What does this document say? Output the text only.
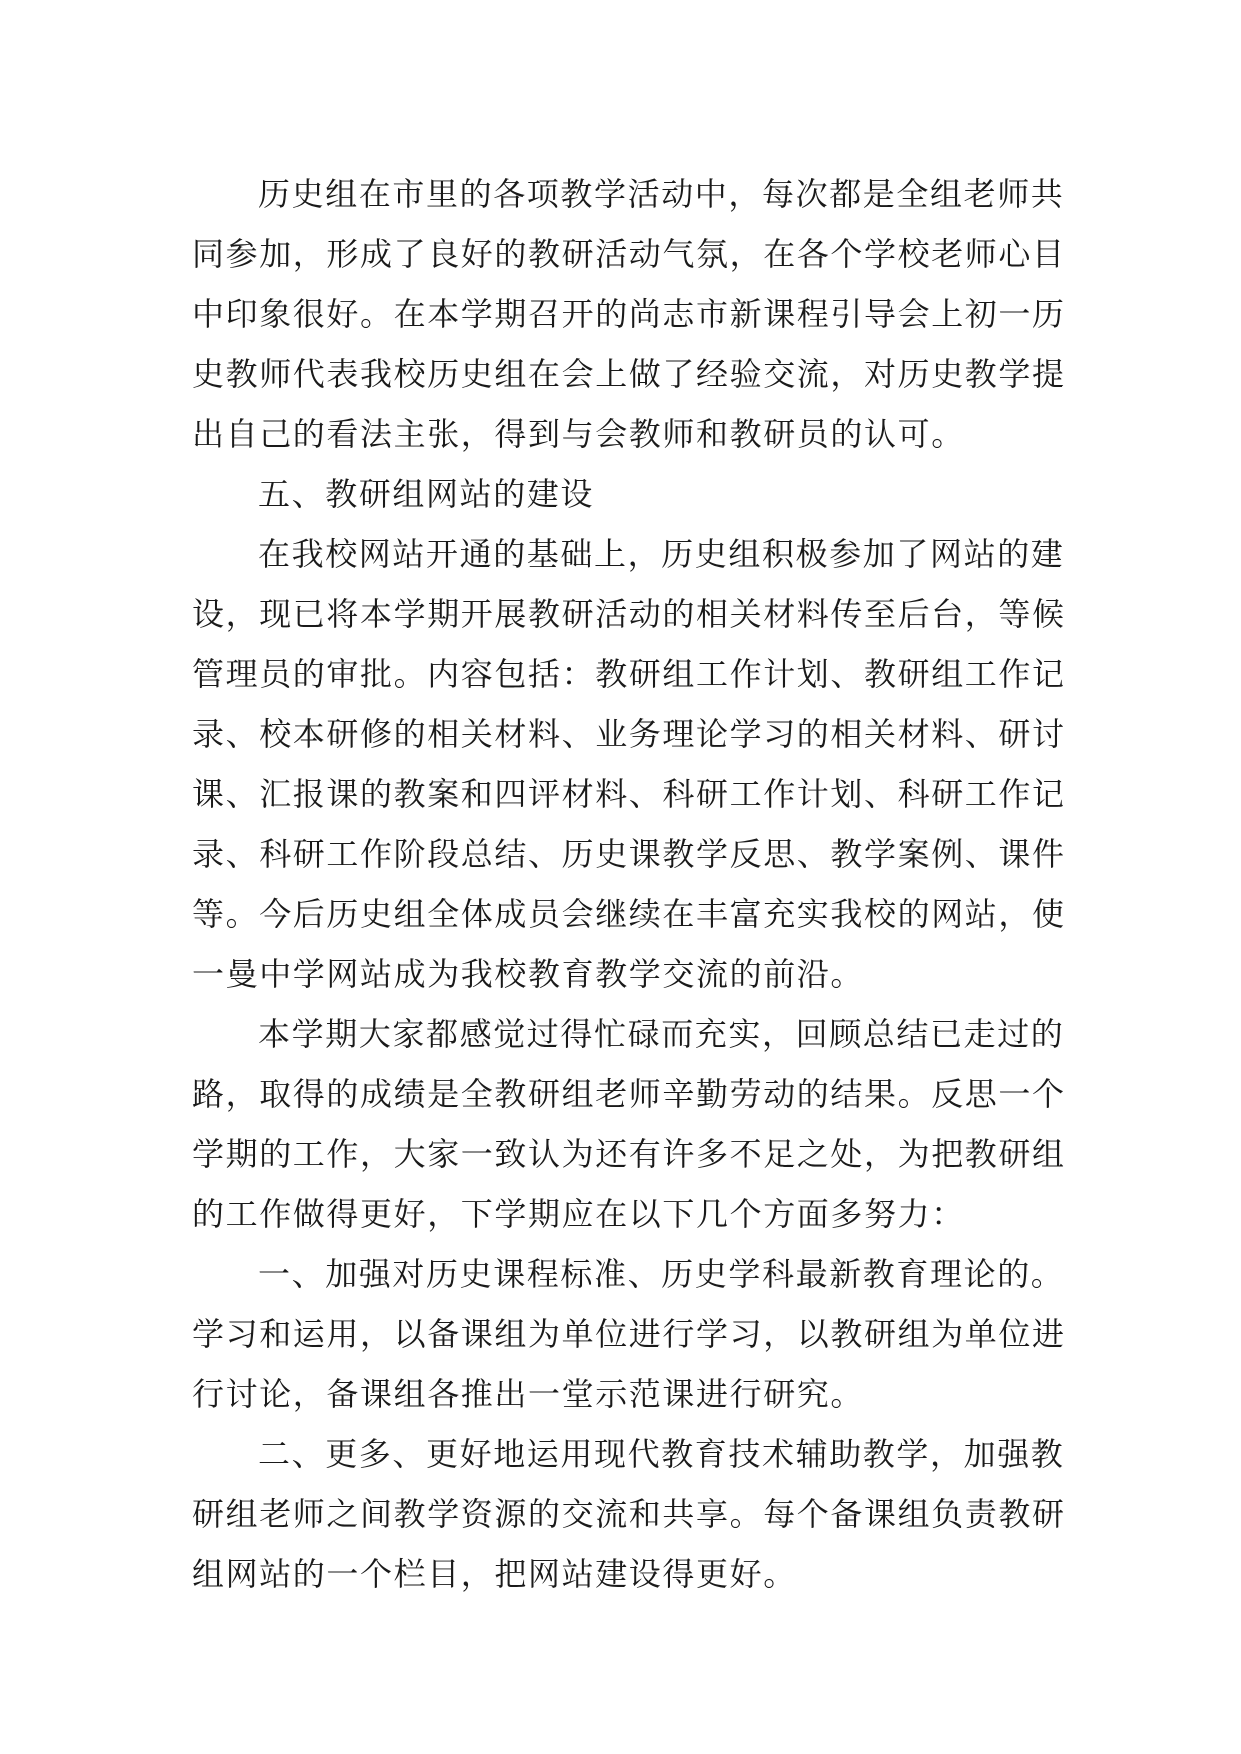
历史组在市里的各项教学活动中，每次都是全组老师共
同参加，形成了良好的教研活动气氛，在各个学校老师心目
中印象很好。在本学期召开的尚志市新课程引导会上初一历
史教师代表我校历史组在会上做了经验交流，对历史教学提
出自己的看法主张，得到与会教师和教研员的认可。
五、教研组网站的建设
在我校网站开通的基础上，历史组积极参加了网站的建
设，现已将本学期开展教研活动的相关材料传至后台，等候
管理员的审批。内容包括：教研组工作计划、教研组工作记
录、校本研修的相关材料、业务理论学习的相关材料、研讨
课、汇报课的教案和四评材料、科研工作计划、科研工作记
录、科研工作阶段总结、历史课教学反思、教学案例、课件
等。今后历史组全体成员会继续在丰富充实我校的网站，使
一曼中学网站成为我校教育教学交流的前沿。
本学期大家都感觉过得忙碌而充实，回顾总结已走过的
路，取得的成绩是全教研组老师辛勤劳动的结果。反思一个
学期的工作，大家一致认为还有许多不足之处，为把教研组
的工作做得更好，下学期应在以下几个方面多努力：
一、加强对历史课程标准、历史学科最新教育理论的。
学习和运用，以备课组为单位进行学习，以教研组为单位进
行讨论，备课组各推出一堂示范课进行研究。
二、更多、更好地运用现代教育技术辅助教学，加强教
研组老师之间教学资源的交流和共享。每个备课组负责教研
组网站的一个栏目，把网站建设得更好。
